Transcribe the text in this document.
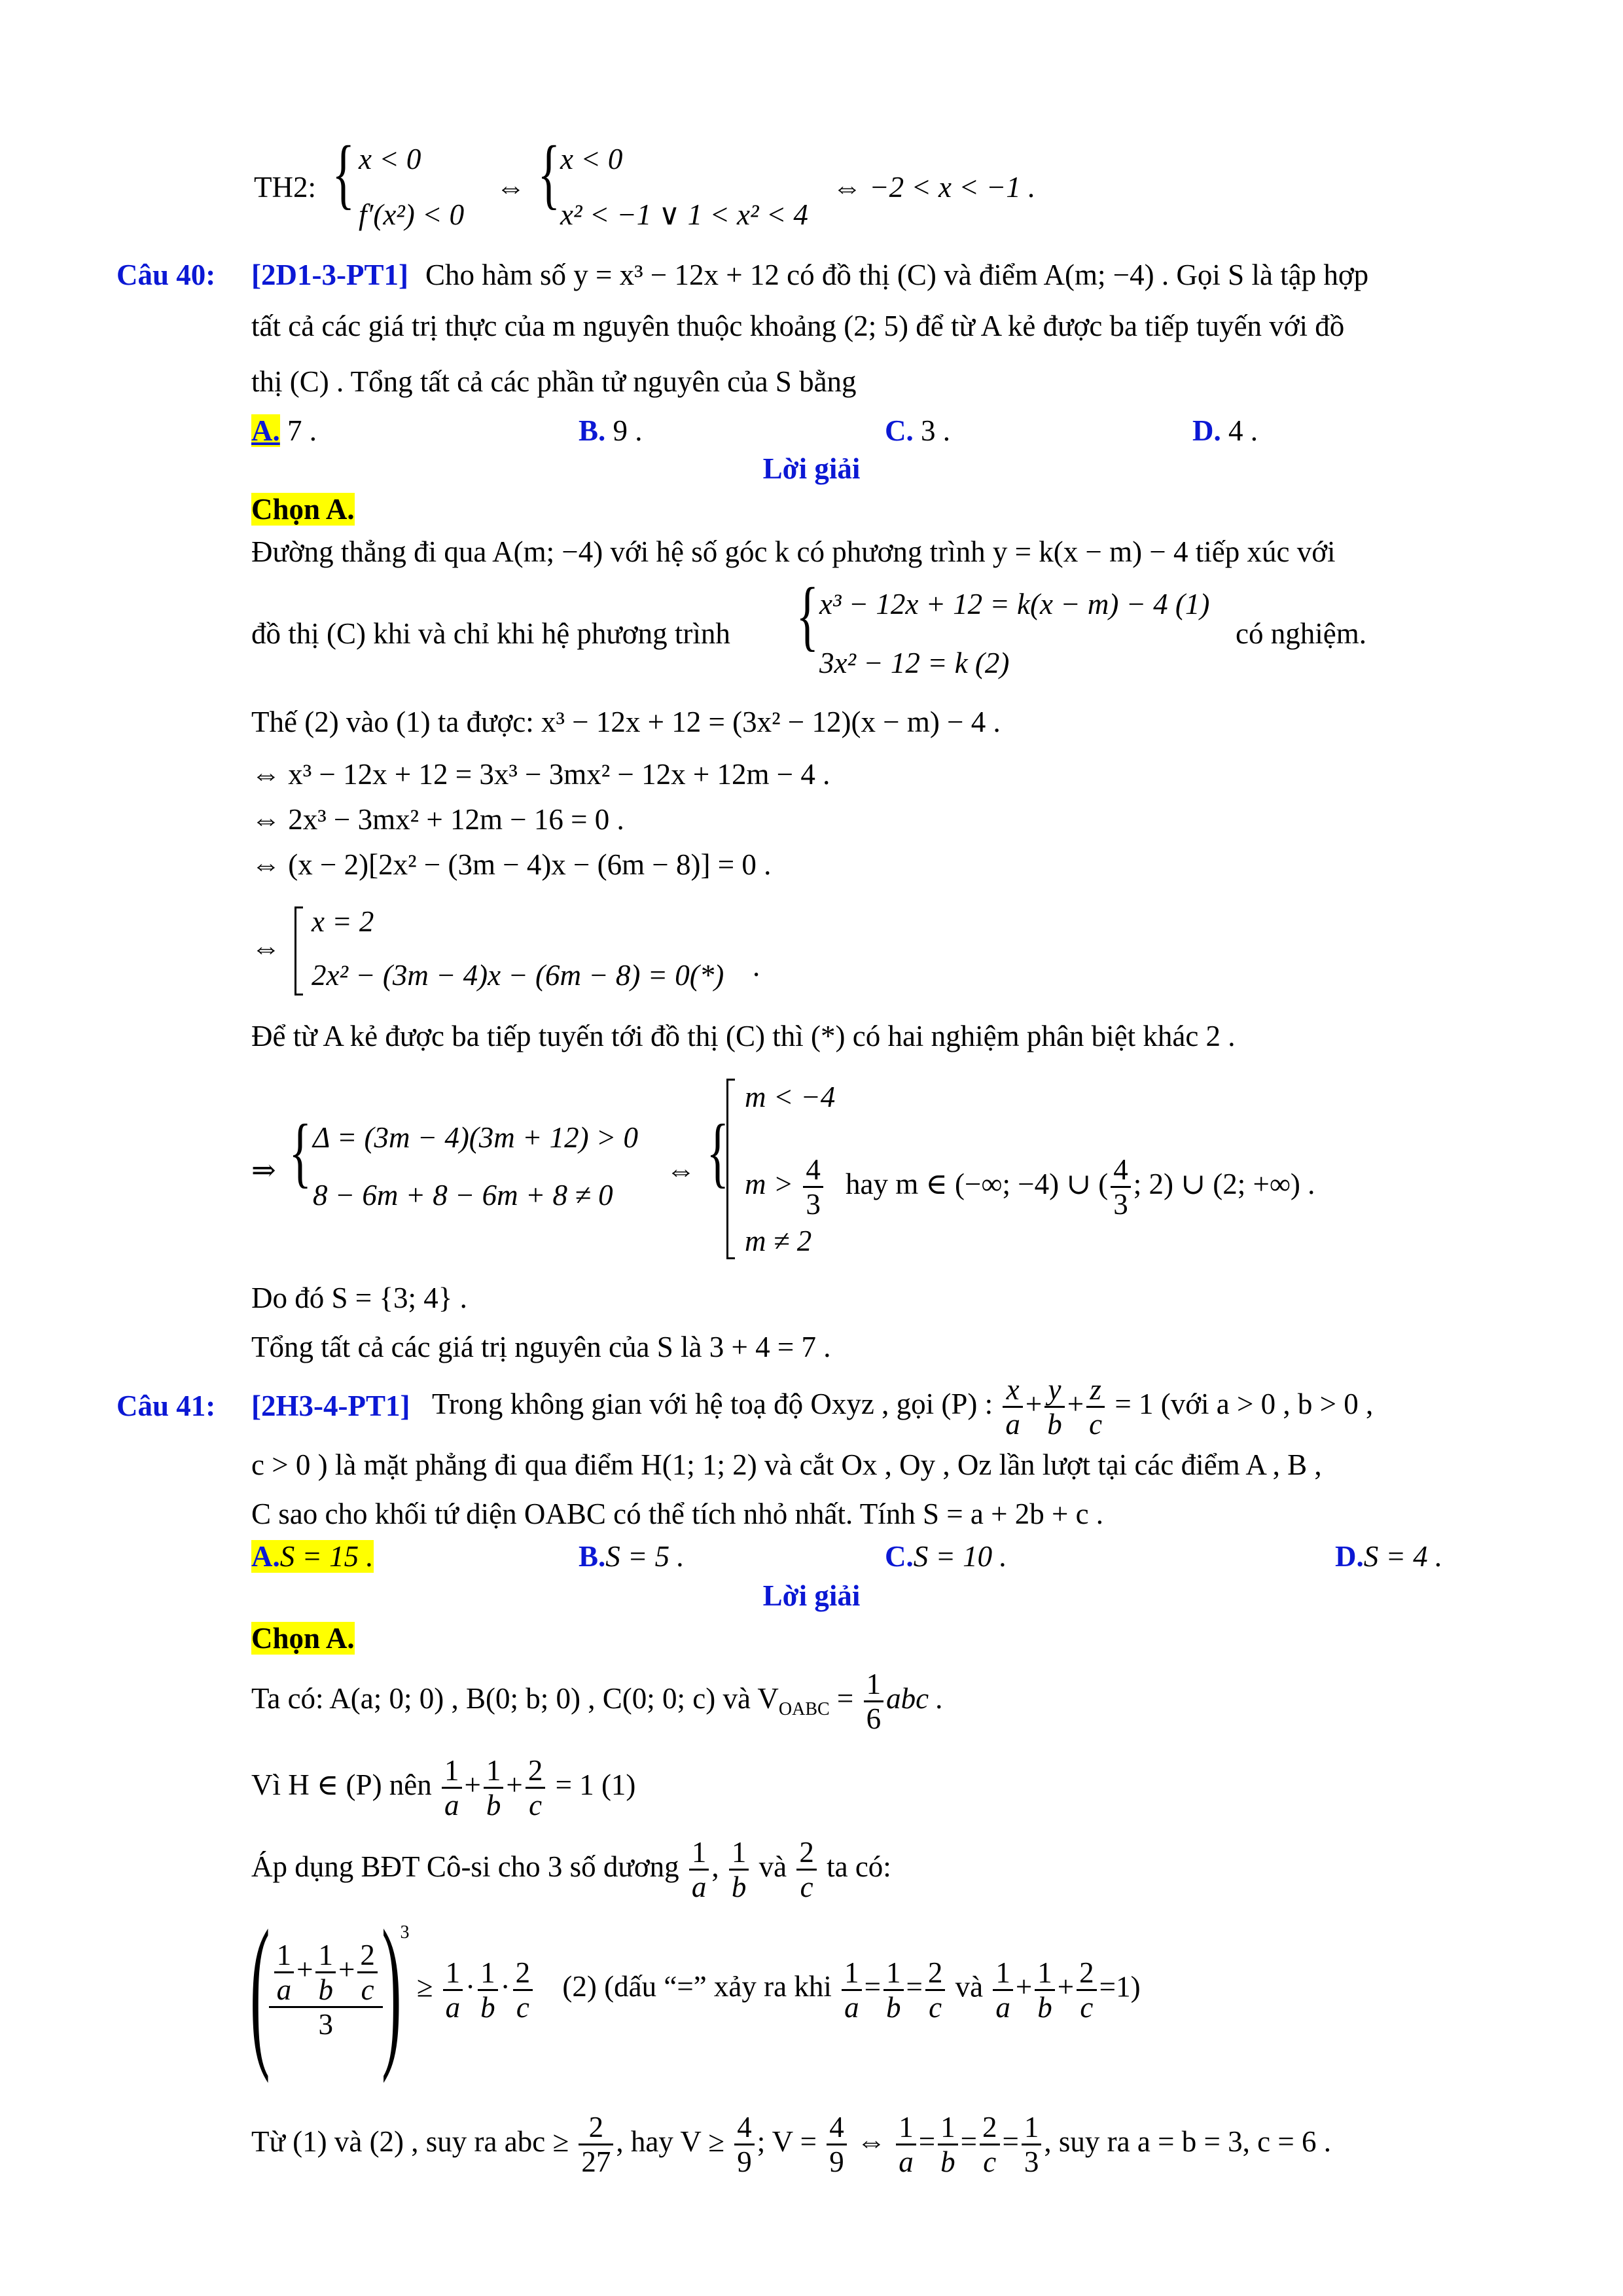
TH2: { x < 0
f′(x²) < 0
⇔ { x < 0
x² < −1 ∨ 1 < x² < 4
⇔ −2 < x < −1 .
Câu 40: [2D1-3-PT1] Cho hàm số y = x³ − 12x + 12 có đồ thị (C) và điểm A(m; −4) . Gọi S là tập hợp
tất cả các giá trị thực của m nguyên thuộc khoảng (2; 5) để từ A kẻ được ba tiếp tuyến với đồ
thị (C) . Tổng tất cả các phần tử nguyên của S bằng
A. 7 .	B. 9 .	C. 3 .	D. 4 .
Lời giải
Chọn A.
Đường thẳng đi qua A(m; −4) với hệ số góc k có phương trình y = k(x − m) − 4 tiếp xúc với
đồ thị (C) khi và chỉ khi hệ phương trình { x³ − 12x + 12 = k(x − m) − 4 (1)
3x² − 12 = k (2)
có nghiệm.
Thế (2) vào (1) ta được: x³ − 12x + 12 = (3x² − 12)(x − m) − 4 .
⇔ x³ − 12x + 12 = 3x³ − 3mx² − 12x + 12m − 4 .
⇔ 2x³ − 3mx² + 12m − 16 = 0 .
⇔ (x − 2)[2x² − (3m − 4)x − (6m − 8)] = 0 .
⇔
x = 2
2x² − (3m − 4)x − (6m − 8) = 0(*) .
Để từ A kẻ được ba tiếp tuyến tới đồ thị (C) thì (*) có hai nghiệm phân biệt khác 2 .
⇒ { Δ = (3m − 4)(3m + 12) > 0
8 − 6m + 8 − 6m + 8 ≠ 0
⇔ {
m < −4
$m > \frac{4}{3}$
m ≠ 2
hay m ∈ (−∞; −4) ∪ ( $\frac{4}{3}$ ; 2) ∪ (2; +∞) .
Do đó S = {3; 4} .
Tổng tất cả các giá trị nguyên của S là 3 + 4 = 7 .
Câu 41: [2H3-4-PT1] Trong không gian với hệ toạ độ Oxyz , gọi (P) : $\frac{x}{a} + \frac{y}{b} + \frac{z}{c} = 1$ (với a > 0 , b > 0 ,
c > 0 ) là mặt phẳng đi qua điểm H(1; 1; 2) và cắt Ox , Oy , Oz lần lượt tại các điểm A , B ,
C sao cho khối tứ diện OABC có thể tích nhỏ nhất. Tính S = a + 2b + c .
A.S = 15 .	B.S = 5 .	C.S = 10 .	D.S = 4 .
Lời giải
Chọn A.
Ta có: A(a; 0; 0) , B(0; b; 0) , C(0; 0; c) và $V_{OABC} = \frac{1}{6}$ abc .
Vì H ∈ (P) nên $\frac{1}{a} + \frac{1}{b} + \frac{2}{c} = 1$ (1)
Áp dụng BĐT Cô-si cho 3 số dương $\frac{1}{a}$ , $\frac{1}{b}$ và $\frac{2}{c}$ ta có:
(
$\frac{\frac{1}{a} + \frac{1}{b} + \frac{2}{c}}{3}$
)$^3 \ge \frac{1}{a} \cdot \frac{1}{b} \cdot \frac{2}{c} (2)$ (dấu “=” xảy ra khi $\frac{1}{a} = \frac{1}{b} = \frac{2}{c}$ và $\frac{1}{a} + \frac{1}{b} + \frac{2}{c} =1$)
Từ (1) và (2) , suy ra abc ≥ $\frac{2}{27}$ , hay $V \ge \frac{4}{9}$ ; $V = \frac{4}{9}$ ⇔ $\frac{1}{a} = \frac{1}{b} = \frac{2}{c} = \frac{1}{3}$ , suy ra a = b = 3, c = 6 .
